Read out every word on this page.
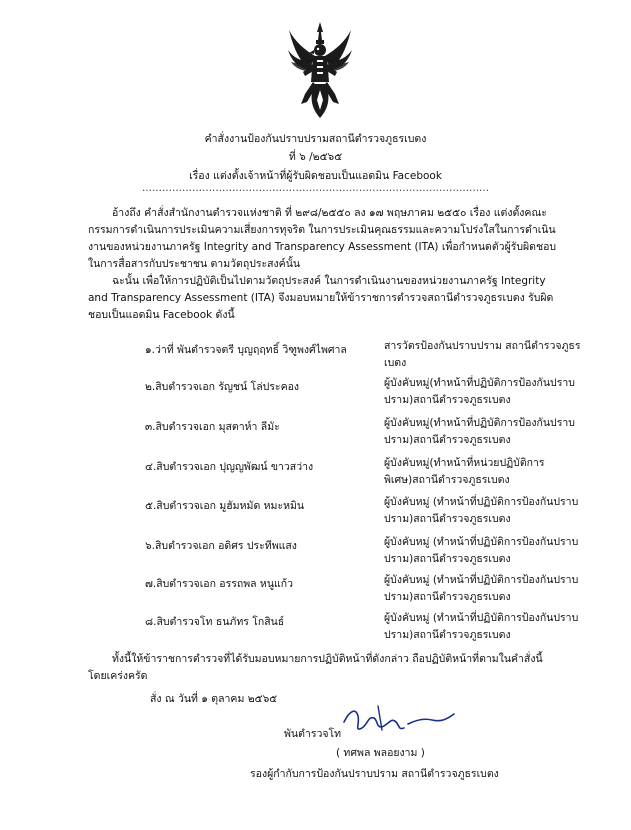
คำสั่งงานป้องกันปราบปรามสถานีตำรวจภูธรเบตง
ที่ ๖ /๒๕๖๕
เรื่อง แต่งตั้งเจ้าหน้าที่ผู้รับผิดชอบเป็นแอดมิน Facebook
........................................................................................................
อ้างถึง คำสั่งสำนักงานตำรวจแห่งชาติ ที่ ๒๙๘/๒๕๕๐ ลง ๑๗ พฤษภาคม ๒๕๕๐ เรื่อง แต่งตั้งคณะกรรมการดำเนินการประเมินความเสี่ยงการทุจริต ในการประเมินคุณธรรมและความโปร่งใสในการดำเนินงานของหน่วยงานภาครัฐ Integrity and Transparency Assessment (ITA) เพื่อกำหนดตัวผู้รับผิดชอบในการสื่อสารกับประชาชน ตามวัตถุประสงค์นั้น
ฉะนั้น เพื่อให้การปฏิบัติเป็นไปตามวัตถุประสงค์ ในการดำเนินงานของหน่วยงานภาครัฐ Integrity and Transparency Assessment (ITA) จึงมอบหมายให้ข้าราชการตำรวจสถานีตำรวจภูธรเบตง รับผิดชอบเป็นแอดมิน Facebook ดังนี้
๑.ว่าที่ พันตำรวจตรี บุญฤฤทธิ์ วิฑูพงศ์ไพศาล	สารวัตรป้องกันปราบปราม สถานีตำรวจภูธรเบตง
๒.สิบตำรวจเอก รัญชน์ โล่ประคอง	ผู้บังคับหมู่(ทำหน้าที่ปฏิบัติการป้องกันปราบปราม)สถานีตำรวจภูธรเบตง
๓.สิบตำรวจเอก มุสตาห์า ลีมัะ	ผู้บังคับหมู่(ทำหน้าที่ปฏิบัติการป้องกันปราบปราม)สถานีตำรวจภูธรเบตง
๔.สิบตำรวจเอก ปุญญพัฒน์ ขาวสว่าง	ผู้บังคับหมู่(ทำหน้าที่หน่วยปฏิบัติการพิเศษ)สถานีตำรวจภูธรเบตง
๕.สิบตำรวจเอก มูฮัมหมัด หมะหมิน	ผู้บังคับหมู่ (ทำหน้าที่ปฏิบัติการป้องกันปราบปราม)สถานีตำรวจภูธรเบตง
๖.สิบตำรวจเอก อดิศร ประทีพแสง	ผู้บังคับหมู่ (ทำหน้าที่ปฏิบัติการป้องกันปราบปราม)สถานีตำรวจภูธรเบตง
๗.สิบตำรวจเอก อรรถพล หนูแก้ว	ผู้บังคับหมู่ (ทำหน้าที่ปฏิบัติการป้องกันปราบปราม)สถานีตำรวจภูธรเบตง
๘.สิบตำรวจโท ธนภัทร โกสินธ์	ผู้บังคับหมู่ (ทำหน้าที่ปฏิบัติการป้องกันปราบปราม)สถานีตำรวจภูธรเบตง
ทั้งนี้ให้ข้าราชการตำรวจที่ได้รับมอบหมายการปฏิบัติหน้าที่ดังกล่าว ถือปฏิบัติหน้าที่ตามในคำสั่งนี้โดยเคร่งครัด
สั่ง ณ วันที่ ๑ ตุลาคม ๒๕๖๕
พันตำรวจโท
( ทศพล พลอยงาม )
รองผู้กำกับการป้องกันปราบปราม สถานีตำรวจภูธรเบตง
